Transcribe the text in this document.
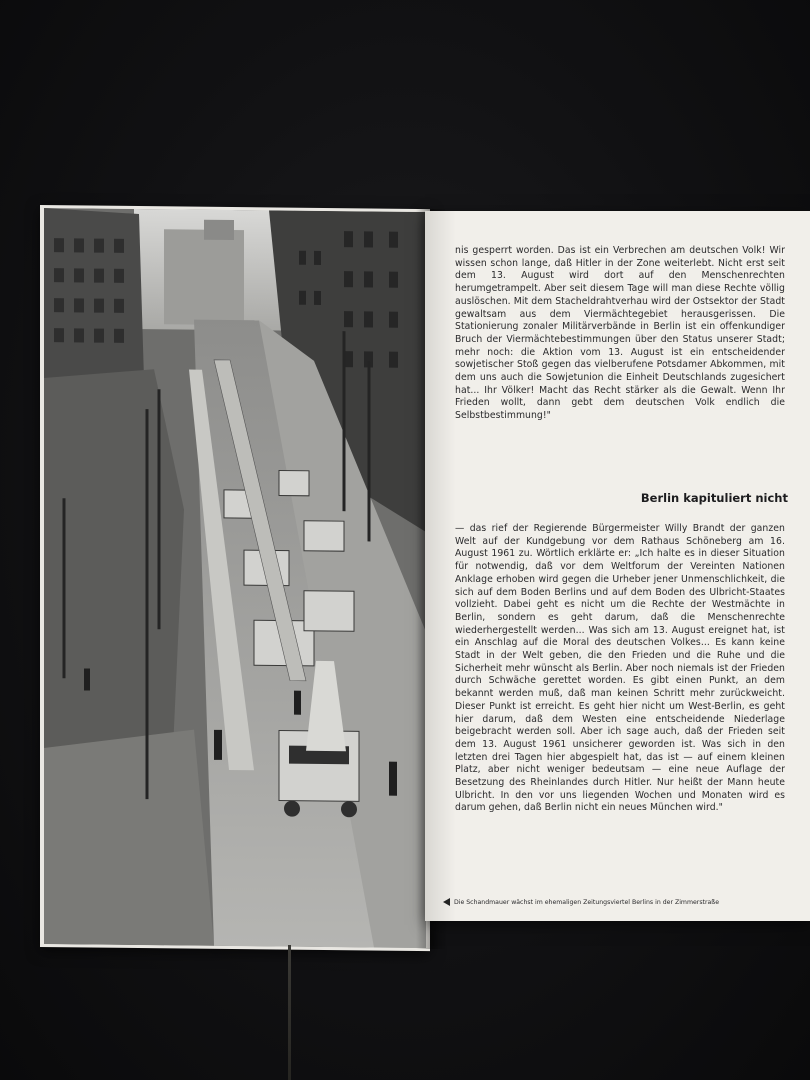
nis gesperrt worden. Das ist ein Verbrechen am deutschen Volk! Wir wissen schon lange, daß Hitler in der Zone weiterlebt. Nicht erst seit dem 13. August wird dort auf den Menschenrechten herumgetrampelt. Aber seit diesem Tage will man diese Rechte völlig auslöschen. Mit dem Stacheldrahtverhau wird der Ostsektor der Stadt gewaltsam aus dem Viermächtegebiet herausgerissen. Die Stationierung zonaler Militärverbände in Berlin ist ein offenkundiger Bruch der Viermächtebestimmungen über den Status unserer Stadt; mehr noch: die Aktion vom 13. August ist ein entscheidender sowjetischer Stoß gegen das vielberufene Potsdamer Abkommen, mit dem uns auch die Sowjetunion die Einheit Deutschlands zugesichert hat... Ihr Völker! Macht das Recht stärker als die Gewalt. Wenn Ihr Frieden wollt, dann gebt dem deutschen Volk endlich die Selbstbestimmung!"

Berlin kapituliert nicht

— das rief der Regierende Bürgermeister Willy Brandt der ganzen Welt auf der Kundgebung vor dem Rathaus Schöneberg am 16. August 1961 zu. Wörtlich erklärte er: „Ich halte es in dieser Situation für notwendig, daß vor dem Weltforum der Vereinten Nationen Anklage erhoben wird gegen die Urheber jener Unmenschlichkeit, die sich auf dem Boden Berlins und auf dem Boden des Ulbricht-Staates vollzieht. Dabei geht es nicht um die Rechte der Westmächte in Berlin, sondern es geht darum, daß die Menschenrechte wiederhergestellt werden... Was sich am 13. August ereignet hat, ist ein Anschlag auf die Moral des deutschen Volkes... Es kann keine Stadt in der Welt geben, die den Frieden und die Ruhe und die Sicherheit mehr wünscht als Berlin. Aber noch niemals ist der Frieden durch Schwäche gerettet worden. Es gibt einen Punkt, an dem bekannt werden muß, daß man keinen Schritt mehr zurückweicht. Dieser Punkt ist erreicht. Es geht hier nicht um West-Berlin, es geht hier darum, daß dem Westen eine entscheidende Niederlage beigebracht werden soll. Aber ich sage auch, daß der Frieden seit dem 13. August 1961 unsicherer geworden ist. Was sich in den letzten drei Tagen hier abgespielt hat, das ist — auf einem kleinen Platz, aber nicht weniger bedeutsam — eine neue Auflage der Besetzung des Rheinlandes durch Hitler. Nur heißt der Mann heute Ulbricht. In den vor uns liegenden Wochen und Monaten wird es darum gehen, daß Berlin nicht ein neues München wird."

Die Schandmauer wächst im ehemaligen Zeitungsviertel Berlins in der Zimmerstraße
